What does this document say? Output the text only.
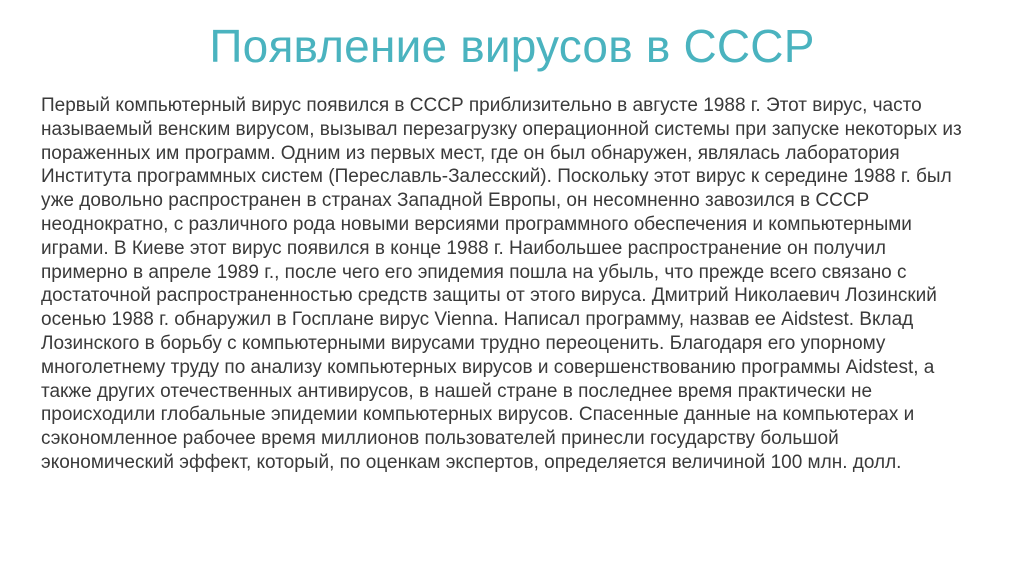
Появление вирусов в СССР

Первый компьютерный вирус появился в СССР приблизительно в августе 1988 г. Этот вирус, часто называемый венским вирусом, вызывал перезагрузку операционной системы при запуске некоторых из пораженных им программ. Одним из первых мест, где он был обнаружен, являлась лаборатория Института программных систем (Переславль-Залесский). Поскольку этот вирус к середине 1988 г. был уже довольно распространен в странах Западной Европы, он несомненно завозился в СССР неоднократно, с различного рода новыми версиями программного обеспечения и компьютерными играми. В Киеве этот вирус появился в конце 1988 г. Наибольшее распространение он получил примерно в апреле 1989 г., после чего его эпидемия пошла на убыль, что прежде всего связано с достаточной распространенностью средств защиты от этого вируса. Дмитрий Николаевич Лозинский осенью 1988 г. обнаружил в Госплане вирус Vienna. Написал программу, назвав ее Aidstest. Вклад Лозинского в борьбу с компьютерными вирусами трудно переоценить. Благодаря его упорному многолетнему труду по анализу компьютерных вирусов и совершенствованию программы Aidstest, а также других отечественных антивирусов, в нашей стране в последнее время практически не происходили глобальные эпидемии компьютерных вирусов. Спасенные данные на компьютерах и сэкономленное рабочее время миллионов пользователей принесли государству большой экономический эффект, который, по оценкам экспертов, определяется величиной 100 млн. долл.
